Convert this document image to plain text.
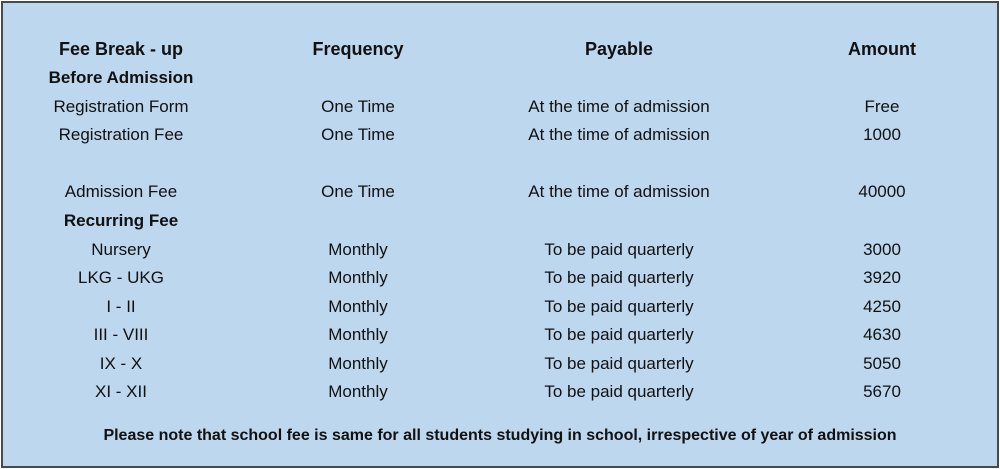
Fee Break - up	Frequency	Payable	Amount
Before Admission
Registration Form	One Time	At the time of admission	Free
Registration Fee	One Time	At the time of admission	1000
Admission Fee	One Time	At the time of admission	40000
Recurring Fee
Nursery	Monthly	To be paid quarterly	3000
LKG - UKG	Monthly	To be paid quarterly	3920
I - II	Monthly	To be paid quarterly	4250
III - VIII	Monthly	To be paid quarterly	4630
IX - X	Monthly	To be paid quarterly	5050
XI - XII	Monthly	To be paid quarterly	5670
Please note that school fee is same for all students studying in school, irrespective of year of admission
